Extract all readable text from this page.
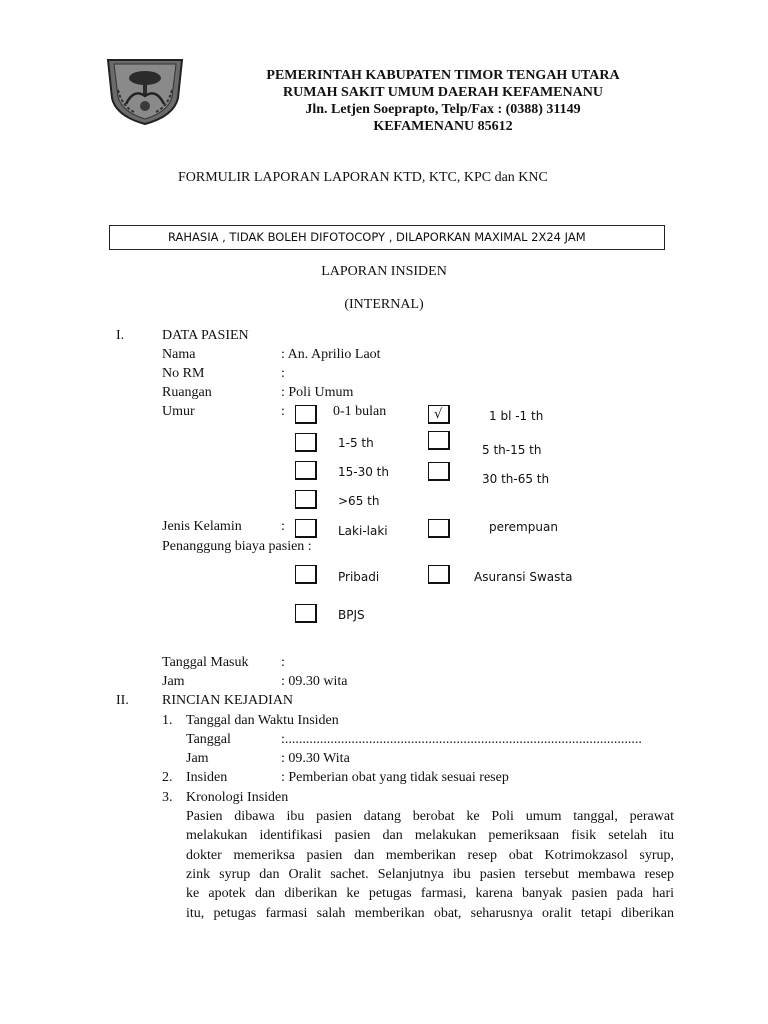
PEMERINTAH KABUPATEN TIMOR TENGAH UTARA
RUMAH SAKIT UMUM DAERAH KEFAMENANU
Jln. Letjen Soeprapto, Telp/Fax : (0388) 31149
KEFAMENANU 85612
FORMULIR LAPORAN LAPORAN KTD, KTC, KPC dan KNC
RAHASIA , TIDAK BOLEH DIFOTOCOPY , DILAPORKAN MAXIMAL 2X24 JAM
LAPORAN INSIDEN
(INTERNAL)
I.	DATA PASIEN
Nama	: An. Aprilio Laot
No RM	:
Ruangan	: Poli Umum
Umur	:	0-1 bulan	√	1 bl -1 th
1-5 th	5 th-15 th
15-30 th	30 th-65 th
>65 th
Jenis Kelamin	:	Laki-laki	perempuan
Penanggung biaya pasien :
Pribadi	Asuransi Swasta
BPJS
Tanggal Masuk :
Jam	: 09.30 wita
II. RINCIAN KEJADIAN
1. Tanggal dan Waktu Insiden
Tanggal	:......................................................................................................
Jam	: 09.30 Wita
2. Insiden	: Pemberian obat yang tidak sesuai resep
3. Kronologi Insiden
Pasien dibawa ibu pasien datang berobat ke Poli umum tanggal, perawat
melakukan identifikasi pasien dan melakukan pemeriksaan fisik setelah itu
dokter memeriksa pasien dan memberikan resep obat Kotrimokzasol syrup,
zink syrup dan Oralit sachet. Selanjutnya ibu pasien tersebut membawa resep
ke apotek dan diberikan ke petugas farmasi, karena banyak pasien pada hari
itu, petugas farmasi salah memberikan obat, seharusnya oralit tetapi diberikan
